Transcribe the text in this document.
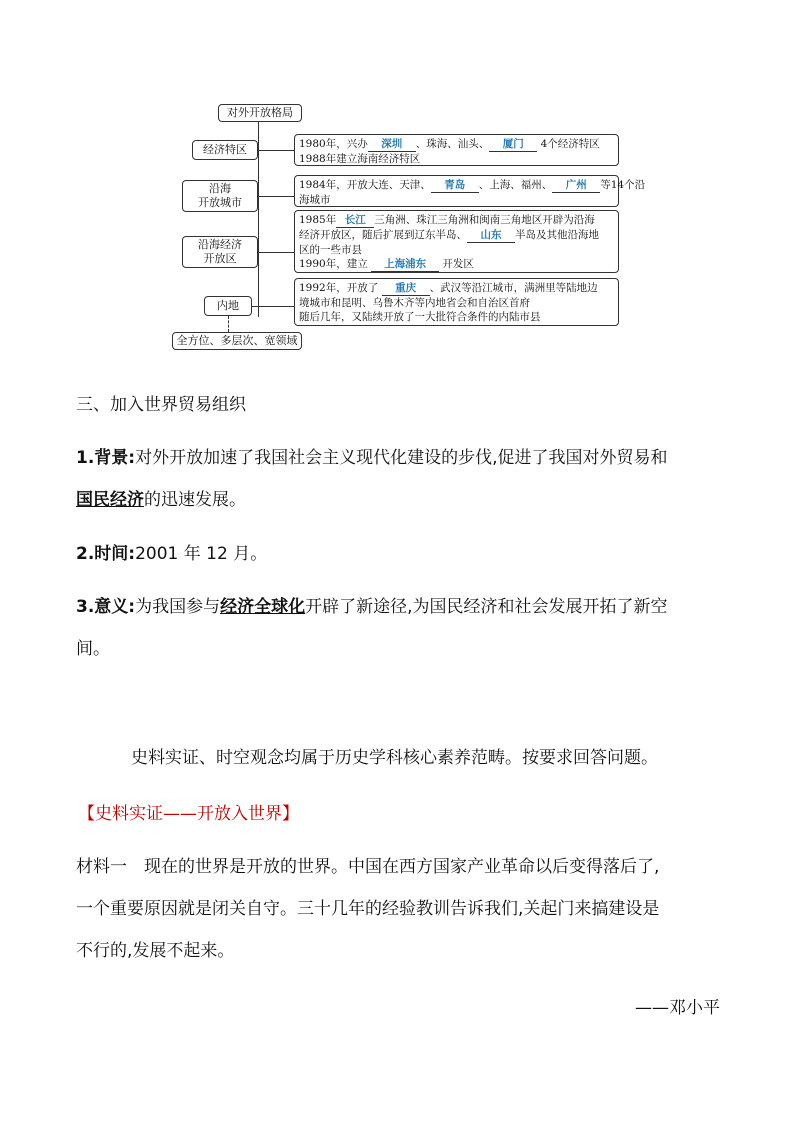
对外开放格局
经济特区	1980年，兴办 深圳 、珠海、汕头、 厦门 4个经济特区
1988年建立海南经济特区
沿海
开放城市
1984年，开放大连、天津、 青岛 、上海、福州、 广州 等14个沿
海城市
沿海经济
开放区
1985年 长江 三角洲、珠江三角洲和闽南三角地区开辟为沿海
经济开放区，随后扩展到辽东半岛、 山东 半岛及其他沿海地
区的一些市县
1990年，建立 上海浦东 开发区
内地
1992年，开放了 重庆 、武汉等沿江城市，满洲里等陆地边
境城市和昆明、乌鲁木齐等内地省会和自治区首府
随后几年，又陆续开放了一大批符合条件的内陆市县
全方位、多层次、宽领域
三、加入世界贸易组织
1.背景:对外开放加速了我国社会主义现代化建设的步伐,促进了我国对外贸易和
国民经济的迅速发展。
2.时间:2001 年 12 月。
3.意义:为我国参与经济全球化开辟了新途径,为国民经济和社会发展开拓了新空
间。
史料实证、时空观念均属于历史学科核心素养范畴。按要求回答问题。
【史料实证——开放入世界】
材料一　现在的世界是开放的世界。中国在西方国家产业革命以后变得落后了,
一个重要原因就是闭关自守。三十几年的经验教训告诉我们,关起门来搞建设是
不行的,发展不起来。
——邓小平
